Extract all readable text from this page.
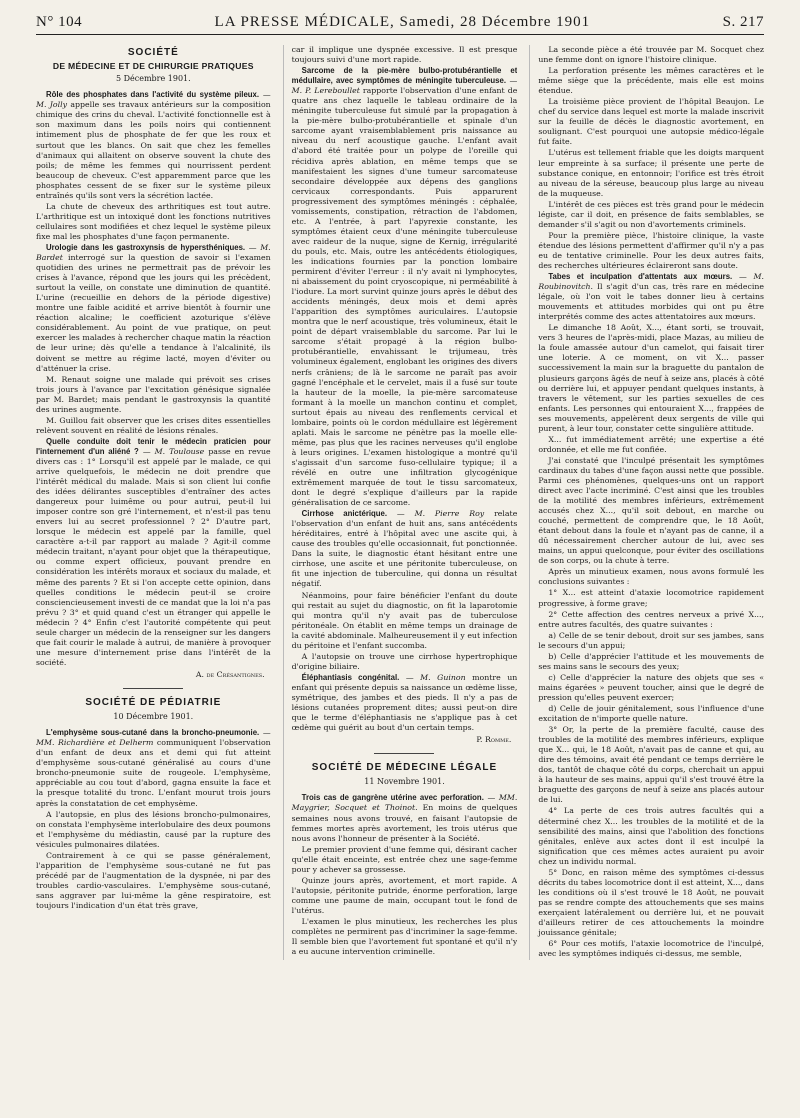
N° 104	LA PRESSE MÉDICALE, Samedi, 28 Décembre 1901	S. 217
SOCIÉTÉ
DE MÉDECINE ET DE CHIRURGIE PRATIQUES
5 Décembre 1901.

Rôle des phosphates dans l'activité du système pileux. — M. Jolly appelle ses travaux antérieurs sur la composition chimique des crins du cheval. L'activité fonctionnelle est à son maximum dans les poils noirs qui contiennent intimement plus de phosphate de fer que les roux et surtout que les blancs. On sait que chez les femelles d'animaux qui allaitent on observe souvent la chute des poils; de même les femmes qui nourrissent perdent beaucoup de cheveux. C'est apparemment parce que les phosphates cessent de se fixer sur le système pileux entraînés qu'ils sont vers la sécrétion lactée.

La chute de cheveux des arthritiques est tout autre. L'arthritique est un intoxiqué dont les fonctions nutritives cellulaires sont modifiées et chez lequel le système pileux fixe mal les phosphates d'une façon permanente.

Urologie dans les gastroxynsis de hypersthéniques. — M. Bardet interrogé sur la question de savoir si l'examen quotidien des urines ne permettrait pas de prévoir les crises à l'avance, répond que les jours qui les précèdent, surtout la veille, on constate une diminution de quantité. L'urine (recueillie en dehors de la période digestive) montre une faible acidité et arrive bientôt à fournir une réaction alcaline; le coefficient azoturique s'élève considérablement. Au point de vue pratique, on peut exercer les malades à rechercher chaque matin la réaction de leur urine; dès qu'elle a tendance à l'alcalinité, ils doivent se mettre au régime lacté, moyen d'éviter ou d'atténuer la crise.

M. Renaut soigne une malade qui prévoit ses crises trois jours à l'avance par l'excitation génésique signalée par M. Bardet; mais pendant le gastroxynsis la quantité des urines augmente.

M. Guillou fait observer que les crises dites essentielles relèvent souvent en réalité de lésions rénales.

Quelle conduite doit tenir le médecin praticien pour l'internement d'un aliéné ? — M. Toulouse passe en revue divers cas : 1° Lorsqu'il est appelé par le malade, ce qui arrive quelquefois, le médecin ne doit prendre que l'intérêt médical du malade. Mais si son client lui confie des idées délirantes susceptibles d'entraîner des actes dangereux pour luimême ou pour autrui, peut-il lui imposer contre son gré l'internement, et n'est-il pas tenu envers lui au secret professionnel ? 2° D'autre part, lorsque le médecin est appelé par la famille, quel caractère a-t-il par rapport au malade ? Agit-il comme médecin traitant, n'ayant pour objet que la thérapeutique, ou comme expert officieux, pouvant prendre en considération les intérêts moraux et sociaux du malade, et même des parents ? Et si l'on accepte cette opinion, dans quelles conditions le médecin peut-il se croire consciencieusement investi de ce mandat que la loi n'a pas prévu ? 3° et quid quand c'est un étranger qui appelle le médecin ? 4° Enfin c'est l'autorité compétente qui peut seule charger un médecin de la renseigner sur les dangers que fait courir le malade à autrui, de manière à provoquer une mesure d'internement prise dans l'intérêt de la société.

A. de Crésantignes.
SOCIÉTÉ DE PÉDIATRIE
10 Décembre 1901.

L'emphysème sous-cutané dans la broncho-pneumonie. — MM. Richardière et Delherm communiquent l'observation d'un enfant de deux ans et demi qui fut atteint d'emphysème sous-cutané généralisé au cours d'une broncho-pneumonie suite de rougeole. L'emphysème, appréciable au cou tout d'abord, gagna ensuite la face et la presque totalité du tronc. L'enfant mourut trois jours après la constatation de cet emphysème.

A l'autopsie, en plus des lésions broncho-pulmonaires, on constata l'emphysème interlobulaire des deux poumons et l'emphysème du médiastin, causé par la rupture des vésicules pulmonaires dilatées.

Contrairement à ce qui se passe généralement, l'apparition de l'emphysème sous-cutané ne fut pas précédé par de l'augmentation de la dyspnée, ni par des troubles cardio-vasculaires. L'emphysème sous-cutané, sans aggraver par lui-même la gêne respiratoire, est toujours l'indication d'un état très grave,

car il implique une dyspnée excessive. Il est presque toujours suivi d'une mort rapide.

Sarcome de la pie-mère bulbo-protubérantielle et médullaire, avec symptômes de méningite tuberculeuse. — M. P. Lereboullet rapporte l'observation d'une enfant de quatre ans chez laquelle le tableau ordinaire de la méningite tuberculeuse fut simulé par la propagation à la pie-mère bulbo-protubérantielle et spinale d'un sarcome ayant vraisemblablement pris naissance au niveau du nerf acoustique gauche. L'enfant avait d'abord été traitée pour un polype de l'oreille qui récidiva après ablation, en même temps que se manifestaient les signes d'une tumeur sarcomateuse secondaire développée aux dépens des ganglions cervicaux correspondants. Puis apparurent progressivement des symptômes méningés : céphalée, vomissements, constipation, rétraction de l'abdomen, etc. A l'entrée, à part l'apyrexie constante, les symptômes étaient ceux d'une méningite tuberculeuse avec raideur de la nuque, signe de Kernig, irrégularité du pouls, etc. Mais, outre les antécédents étiologiques, les indications fournies par la ponction lombaire permirent d'éviter l'erreur : il n'y avait ni lymphocytes, ni abaissement du point cryoscopique, ni perméabilité à l'iodure. La mort survint quinze jours après le début des accidents méningés, deux mois et demi après l'apparition des symptômes auriculaires. L'autopsie montra que le nerf acoustique, très volumineux, était le point de départ vraisemblable du sarcome. Par lui le sarcome s'était propagé à la région bulbo-protubérantielle, envahissant le trijumeau, très volumineux également, englobant les origines des divers nerfs crâniens; de là le sarcome ne paraît pas avoir gagné l'encéphale et le cervelet, mais il a fusé sur toute la hauteur de la moelle, la pie-mère sarcomateuse formant à la moelle un manchon continu et complet, surtout épais au niveau des renflements cervical et lombaire, points où le cordon médullaire est légèrement aplati. Mais le sarcome ne pénètre pas la moelle elle-même, pas plus que les racines nerveuses qu'il englobe à leurs origines. L'examen histologique a montré qu'il s'agissait d'un sarcome fuso-cellulaire typique; il a révélé en outre une infiltration glycogénique extrêmement marquée de tout le tissu sarcomateux, dont le degré s'explique d'ailleurs par la rapide généralisation de ce sarcome.

Cirrhose anictérique. — M. Pierre Roy relate l'observation d'un enfant de huit ans, sans antécédents héréditaires, entré à l'hôpital avec une ascite qui, à cause des troubles qu'elle occasionnait, fut ponctionnée. Dans la suite, le diagnostic étant hésitant entre une cirrhose, une ascite et une péritonite tuberculeuse, on fit une injection de tuberculine, qui donna un résultat négatif.

Néanmoins, pour faire bénéficier l'enfant du doute qui restait au sujet du diagnostic, on fit la laparotomie qui montra qu'il n'y avait pas de tuberculose péritonéale. On établit en même temps un drainage de la cavité abdominale. Malheureusement il y eut infection du péritoine et l'enfant succomba.

A l'autopsie on trouve une cirrhose hypertrophique d'origine biliaire.

Éléphantiasis congénital. — M. Guinon montre un enfant qui présente depuis sa naissance un œdème lisse, symétrique, des jambes et des pieds. Il n'y a pas de lésions cutanées proprement dites; aussi peut-on dire que le terme d'éléphantiasis ne s'applique pas à cet œdème qui guérit au bout d'un certain temps.

P. Romme.
SOCIÉTÉ DE MÉDECINE LÉGALE
11 Novembre 1901.

Trois cas de gangrène utérine avec perforation. — MM. Maygrier, Socquet et Thoinot. En moins de quelques semaines nous avons trouvé, en faisant l'autopsie de femmes mortes après avortement, les trois utérus que nous avons l'honneur de présenter à la Société.

Le premier provient d'une femme qui, désirant cacher qu'elle était enceinte, est entrée chez une sage-femme pour y achever sa grossesse.

Quinze jours après, avortement, et mort rapide. A l'autopsie, péritonite putride, énorme perforation, large comme une paume de main, occupant tout le fond de l'utérus.

L'examen le plus minutieux, les recherches les plus complètes ne permirent pas d'incriminer la sage-femme. Il semble bien que l'avortement fut spontané et qu'il n'y a eu aucune intervention criminelle.

La seconde pièce a été trouvée par M. Socquet chez une femme dont on ignore l'histoire clinique.

La perforation présente les mêmes caractères et le même siège que la précédente, mais elle est moins étendue.

La troisième pièce provient de l'hôpital Beaujon. Le chef du service dans lequel est morte la malade inscrivit sur la feuille de décès le diagnostic avortement, en soulignant. C'est pourquoi une autopsie médico-légale fut faite.

L'utérus est tellement friable que les doigts marquent leur empreinte à sa surface; il présente une perte de substance conique, en entonnoir; l'orifice est très étroit au niveau de la séreuse, beaucoup plus large au niveau de la muqueuse.

L'intérêt de ces pièces est très grand pour le médecin légiste, car il doit, en présence de faits semblables, se demander s'il s'agit ou non d'avortements criminels.

Pour la première pièce, l'histoire clinique, la vaste étendue des lésions permettent d'affirmer qu'il n'y a pas eu de tentative criminelle. Pour les deux autres faits, des recherches ultérieures éclaireront sans doute.

Tabes et inculpation d'attentats aux mœurs. — M. Roubinovitch. Il s'agit d'un cas, très rare en médecine légale, où l'on voit le tabes donner lieu à certains mouvements et attitudes morbides qui ont pu être interprétés comme des actes attentatoires aux mœurs.

Le dimanche 18 Août, X..., étant sorti, se trouvait, vers 3 heures de l'après-midi, place Mazas, au milieu de la foule amassée autour d'un camelot, qui faisait tirer une loterie. A ce moment, on vit X... passer successivement la main sur la braguette du pantalon de plusieurs garçons âgés de neuf à seize ans, placés à côté ou derrière lui, et appuyer pendant quelques instants, à travers le vêtement, sur les parties sexuelles de ces enfants. Les personnes qui entouraient X..., frappées de ses mouvements, appelèrent deux sergents de ville qui purent, à leur tour, constater cette singulière attitude.

X... fut immédiatement arrêté; une expertise a été ordonnée, et elle me fut confiée.

J'ai constaté que l'inculpé présentait les symptômes cardinaux du tabes d'une façon aussi nette que possible. Parmi ces phénomènes, quelques-uns ont un rapport direct avec l'acte incriminé. C'est ainsi que les troubles de la motilité des membres inférieurs, extrêmement accusés chez X..., qu'il soit debout, en marche ou couché, permettent de comprendre que, le 18 Août, étant debout dans la foule et n'ayant pas de canne, il a dû nécessairement chercher autour de lui, avec ses mains, un appui quelconque, pour éviter des oscillations de son corps, ou la chute à terre.

Après un minutieux examen, nous avons formulé les conclusions suivantes :

1° X... est atteint d'ataxie locomotrice rapidement progressive, à forme grave;

2° Cette affection des centres nerveux a privé X..., entre autres facultés, des quatre suivantes :

a) Celle de se tenir debout, droit sur ses jambes, sans le secours d'un appui;

b) Celle d'apprécier l'attitude et les mouvements de ses mains sans le secours des yeux;

c) Celle d'apprécier la nature des objets que ses « mains égarées » peuvent toucher, ainsi que le degré de pression qu'elles peuvent exercer;

d) Celle de jouir génitalement, sous l'influence d'une excitation de n'importe quelle nature.

3° Or, la perte de la première faculté, cause des troubles de la motilité des membres inférieurs, explique que X... qui, le 18 Août, n'avait pas de canne et qui, au dire des témoins, avait été pendant ce temps derrière le dos, tantôt de chaque côté du corps, cherchait un appui à la hauteur de ses mains, appui qu'il s'est trouvé être la braguette des garçons de neuf à seize ans placés autour de lui.

4° La perte de ces trois autres facultés qui a déterminé chez X... les troubles de la motilité et de la sensibilité des mains, ainsi que l'abolition des fonctions génitales, enlève aux actes dont il est inculpé la signification que ces mêmes actes auraient pu avoir chez un individu normal.

5° Donc, en raison même des symptômes ci-dessus décrits du tabes locomotrice dont il est atteint, X..., dans les conditions où il s'est trouvé le 18 Août, ne pouvait pas se rendre compte des attouchements que ses mains exerçaient latéralement ou derrière lui, et ne pouvait d'ailleurs retirer de ces attouchements la moindre jouissance génitale;

6° Pour ces motifs, l'ataxie locomotrice de l'inculpé, avec les symptômes indiqués ci-dessus, me semble,
